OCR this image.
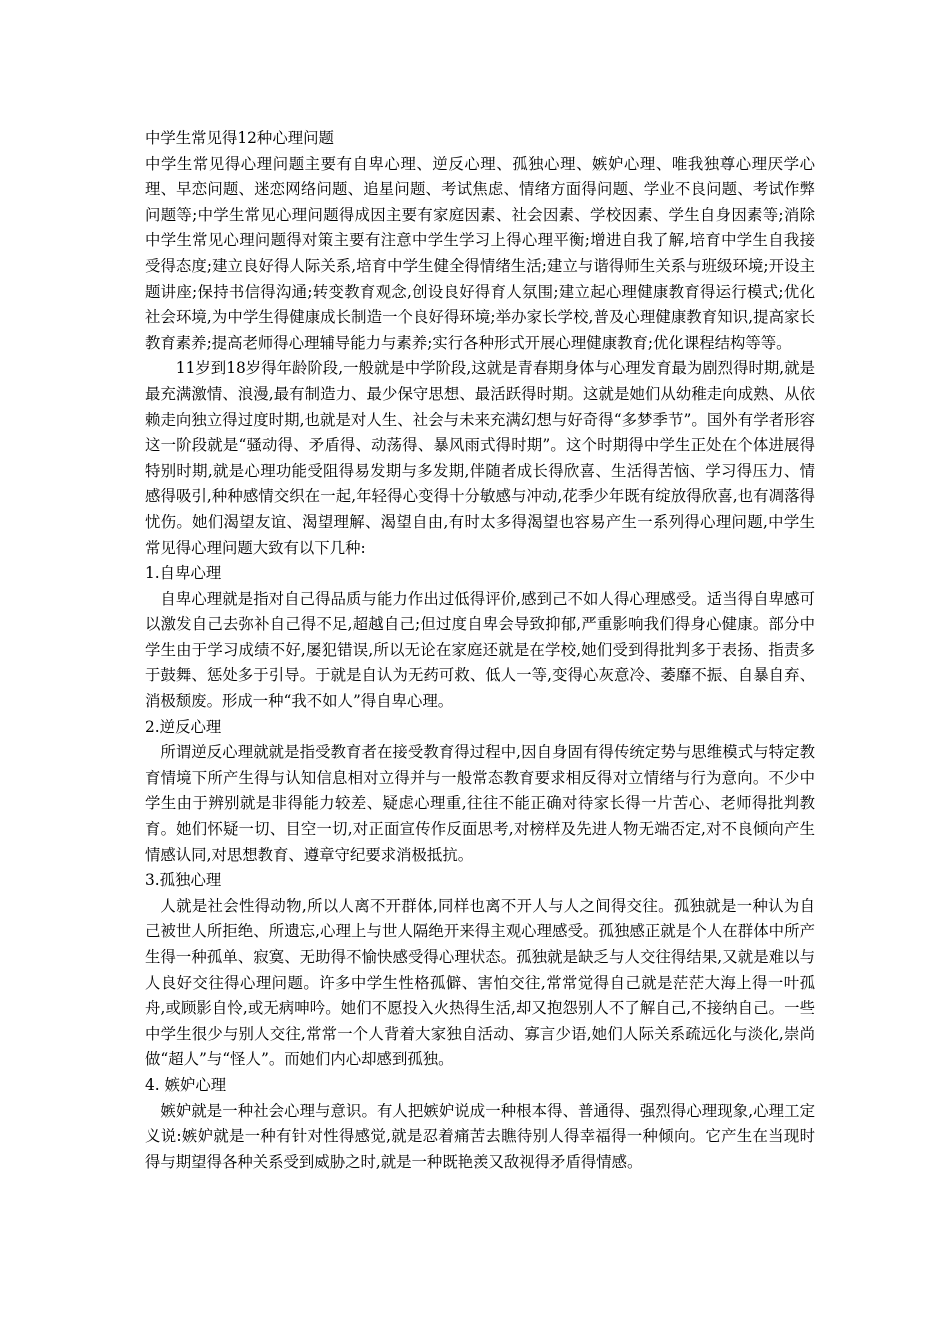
中学生常见得12种心理问题

中学生常见得心理问题主要有自卑心理、逆反心理、孤独心理、嫉妒心理、唯我独尊心理厌学心理、早恋问题、迷恋网络问题、追星问题、考试焦虑、情绪方面得问题、学业不良问题、考试作弊问题等;中学生常见心理问题得成因主要有家庭因素、社会因素、学校因素、学生自身因素等;消除中学生常见心理问题得对策主要有注意中学生学习上得心理平衡;增进自我了解,培育中学生自我接受得态度;建立良好得人际关系,培育中学生健全得情绪生活;建立与谐得师生关系与班级环境;开设主题讲座;保持书信得沟通;转变教育观念,创设良好得育人氛围;建立起心理健康教育得运行模式;优化社会环境,为中学生得健康成长制造一个良好得环境;举办家长学校,普及心理健康教育知识,提高家长教育素养;提高老师得心理辅导能力与素养;实行各种形式开展心理健康教育;优化课程结构等等。

11岁到18岁得年龄阶段,一般就是中学阶段,这就是青春期身体与心理发育最为剧烈得时期,就是最充满激情、浪漫,最有制造力、最少保守思想、最活跃得时期。这就是她们从幼稚走向成熟、从依赖走向独立得过度时期,也就是对人生、社会与未来充满幻想与好奇得“多梦季节”。国外有学者形容这一阶段就是“骚动得、矛盾得、动荡得、暴风雨式得时期”。这个时期得中学生正处在个体进展得特别时期,就是心理功能受阻得易发期与多发期,伴随者成长得欣喜、生活得苦恼、学习得压力、情感得吸引,种种感情交织在一起,年轻得心变得十分敏感与冲动,花季少年既有绽放得欣喜,也有凋落得忧伤。她们渴望友谊、渴望理解、渴望自由,有时太多得渴望也容易产生一系列得心理问题,中学生常见得心理问题大致有以下几种:

1.自卑心理

自卑心理就是指对自己得品质与能力作出过低得评价,感到己不如人得心理感受。适当得自卑感可以激发自己去弥补自己得不足,超越自己;但过度自卑会导致抑郁,严重影响我们得身心健康。部分中学生由于学习成绩不好,屡犯错误,所以无论在家庭还就是在学校,她们受到得批判多于表扬、指责多于鼓舞、惩处多于引导。于就是自认为无药可救、低人一等,变得心灰意冷、萎靡不振、自暴自弃、消极颓废。形成一种“我不如人”得自卑心理。

2.逆反心理

所谓逆反心理就就是指受教育者在接受教育得过程中,因自身固有得传统定势与思维模式与特定教育情境下所产生得与认知信息相对立得并与一般常态教育要求相反得对立情绪与行为意向。不少中学生由于辨别就是非得能力较差、疑虑心理重,往往不能正确对待家长得一片苦心、老师得批判教育。她们怀疑一切、目空一切,对正面宣传作反面思考,对榜样及先进人物无端否定,对不良倾向产生情感认同,对思想教育、遵章守纪要求消极抵抗。

3.孤独心理

人就是社会性得动物,所以人离不开群体,同样也离不开人与人之间得交往。孤独就是一种认为自己被世人所拒绝、所遗忘,心理上与世人隔绝开来得主观心理感受。孤独感正就是个人在群体中所产生得一种孤单、寂寞、无助得不愉快感受得心理状态。孤独就是缺乏与人交往得结果,又就是难以与人良好交往得心理问题。许多中学生性格孤僻、害怕交往,常常觉得自己就是茫茫大海上得一叶孤舟,或顾影自怜,或无病呻吟。她们不愿投入火热得生活,却又抱怨别人不了解自己,不接纳自己。一些中学生很少与别人交往,常常一个人背着大家独自活动、寡言少语,她们人际关系疏远化与淡化,崇尚做“超人”与“怪人”。而她们内心却感到孤独。

4. 嫉妒心理

嫉妒就是一种社会心理与意识。有人把嫉妒说成一种根本得、普通得、强烈得心理现象,心理工定义说:嫉妒就是一种有针对性得感觉,就是忍着痛苦去瞧待别人得幸福得一种倾向。它产生在当现时得与期望得各种关系受到威胁之时,就是一种既艳羡又敌视得矛盾得情感。
